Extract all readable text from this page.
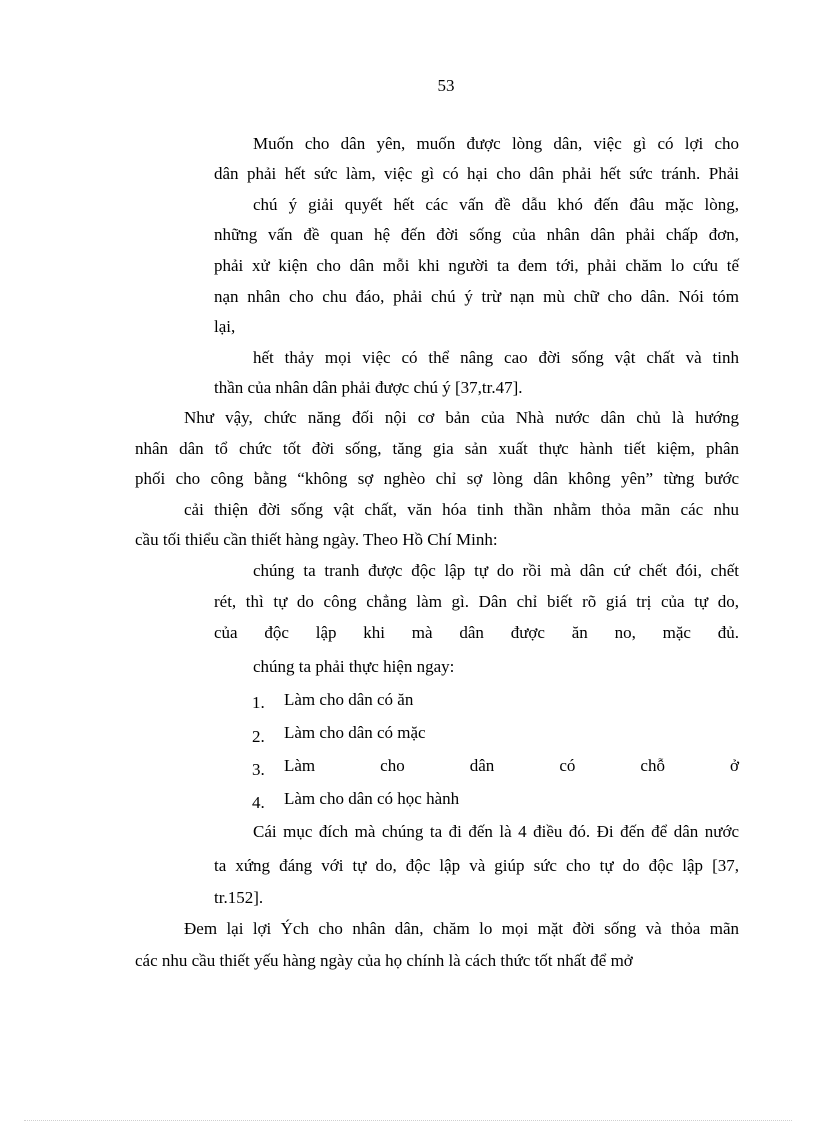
53
Muốn cho dân yên, muốn được lòng dân, việc gì có lợi cho
dân phải hết sức làm, việc gì có hại cho dân phải hết sức tránh. Phải
chú ý giải quyết hết các vấn đề dẫu khó đến đâu mặc lòng,
những vấn đề quan hệ đến đời sống của nhân dân phải chấp đơn,
phải xử kiện cho dân mỗi khi người ta đem tới, phải chăm lo cứu tế
nạn nhân cho chu đáo, phải chú ý trừ nạn mù chữ cho dân. Nói tóm
lại,
hết thảy mọi việc có thể nâng cao đời sống vật chất và tinh
thần của nhân dân phải được chú ý [37,tr.47].
Như vậy, chức năng đối nội cơ bản của Nhà nước dân chủ là hướng
nhân dân tổ chức tốt đời sống, tăng gia sản xuất thực hành tiết kiệm, phân
phối cho công bằng “không sợ nghèo chỉ sợ lòng dân không yên” từng bước
cải thiện đời sống vật chất, văn hóa tinh thần nhằm thỏa mãn các nhu
cầu tối thiểu cần thiết hàng ngày. Theo Hồ Chí Minh:
chúng ta tranh được độc lập tự do rồi mà dân cứ chết đói, chết
rét, thì tự do công chẳng làm gì. Dân chỉ biết rõ giá trị của tự do,
của độc lập khi mà dân được ăn no, mặc đủ.
chúng ta phải thực hiện ngay:
1. Làm cho dân có ăn
2. Làm cho dân có mặc
3. Làm cho dân có chỗ ở
4. Làm cho dân có học hành
Cái mục đích mà chúng ta đi đến là 4 điều đó. Đi đến để dân nước
ta xứng đáng với tự do, độc lập và giúp sức cho tự do độc lập [37,
tr.152].
Đem lại lợi Ých cho nhân dân, chăm lo mọi mặt đời sống và thỏa mãn
các nhu cầu thiết yếu hàng ngày của họ chính là cách thức tốt nhất để mở
